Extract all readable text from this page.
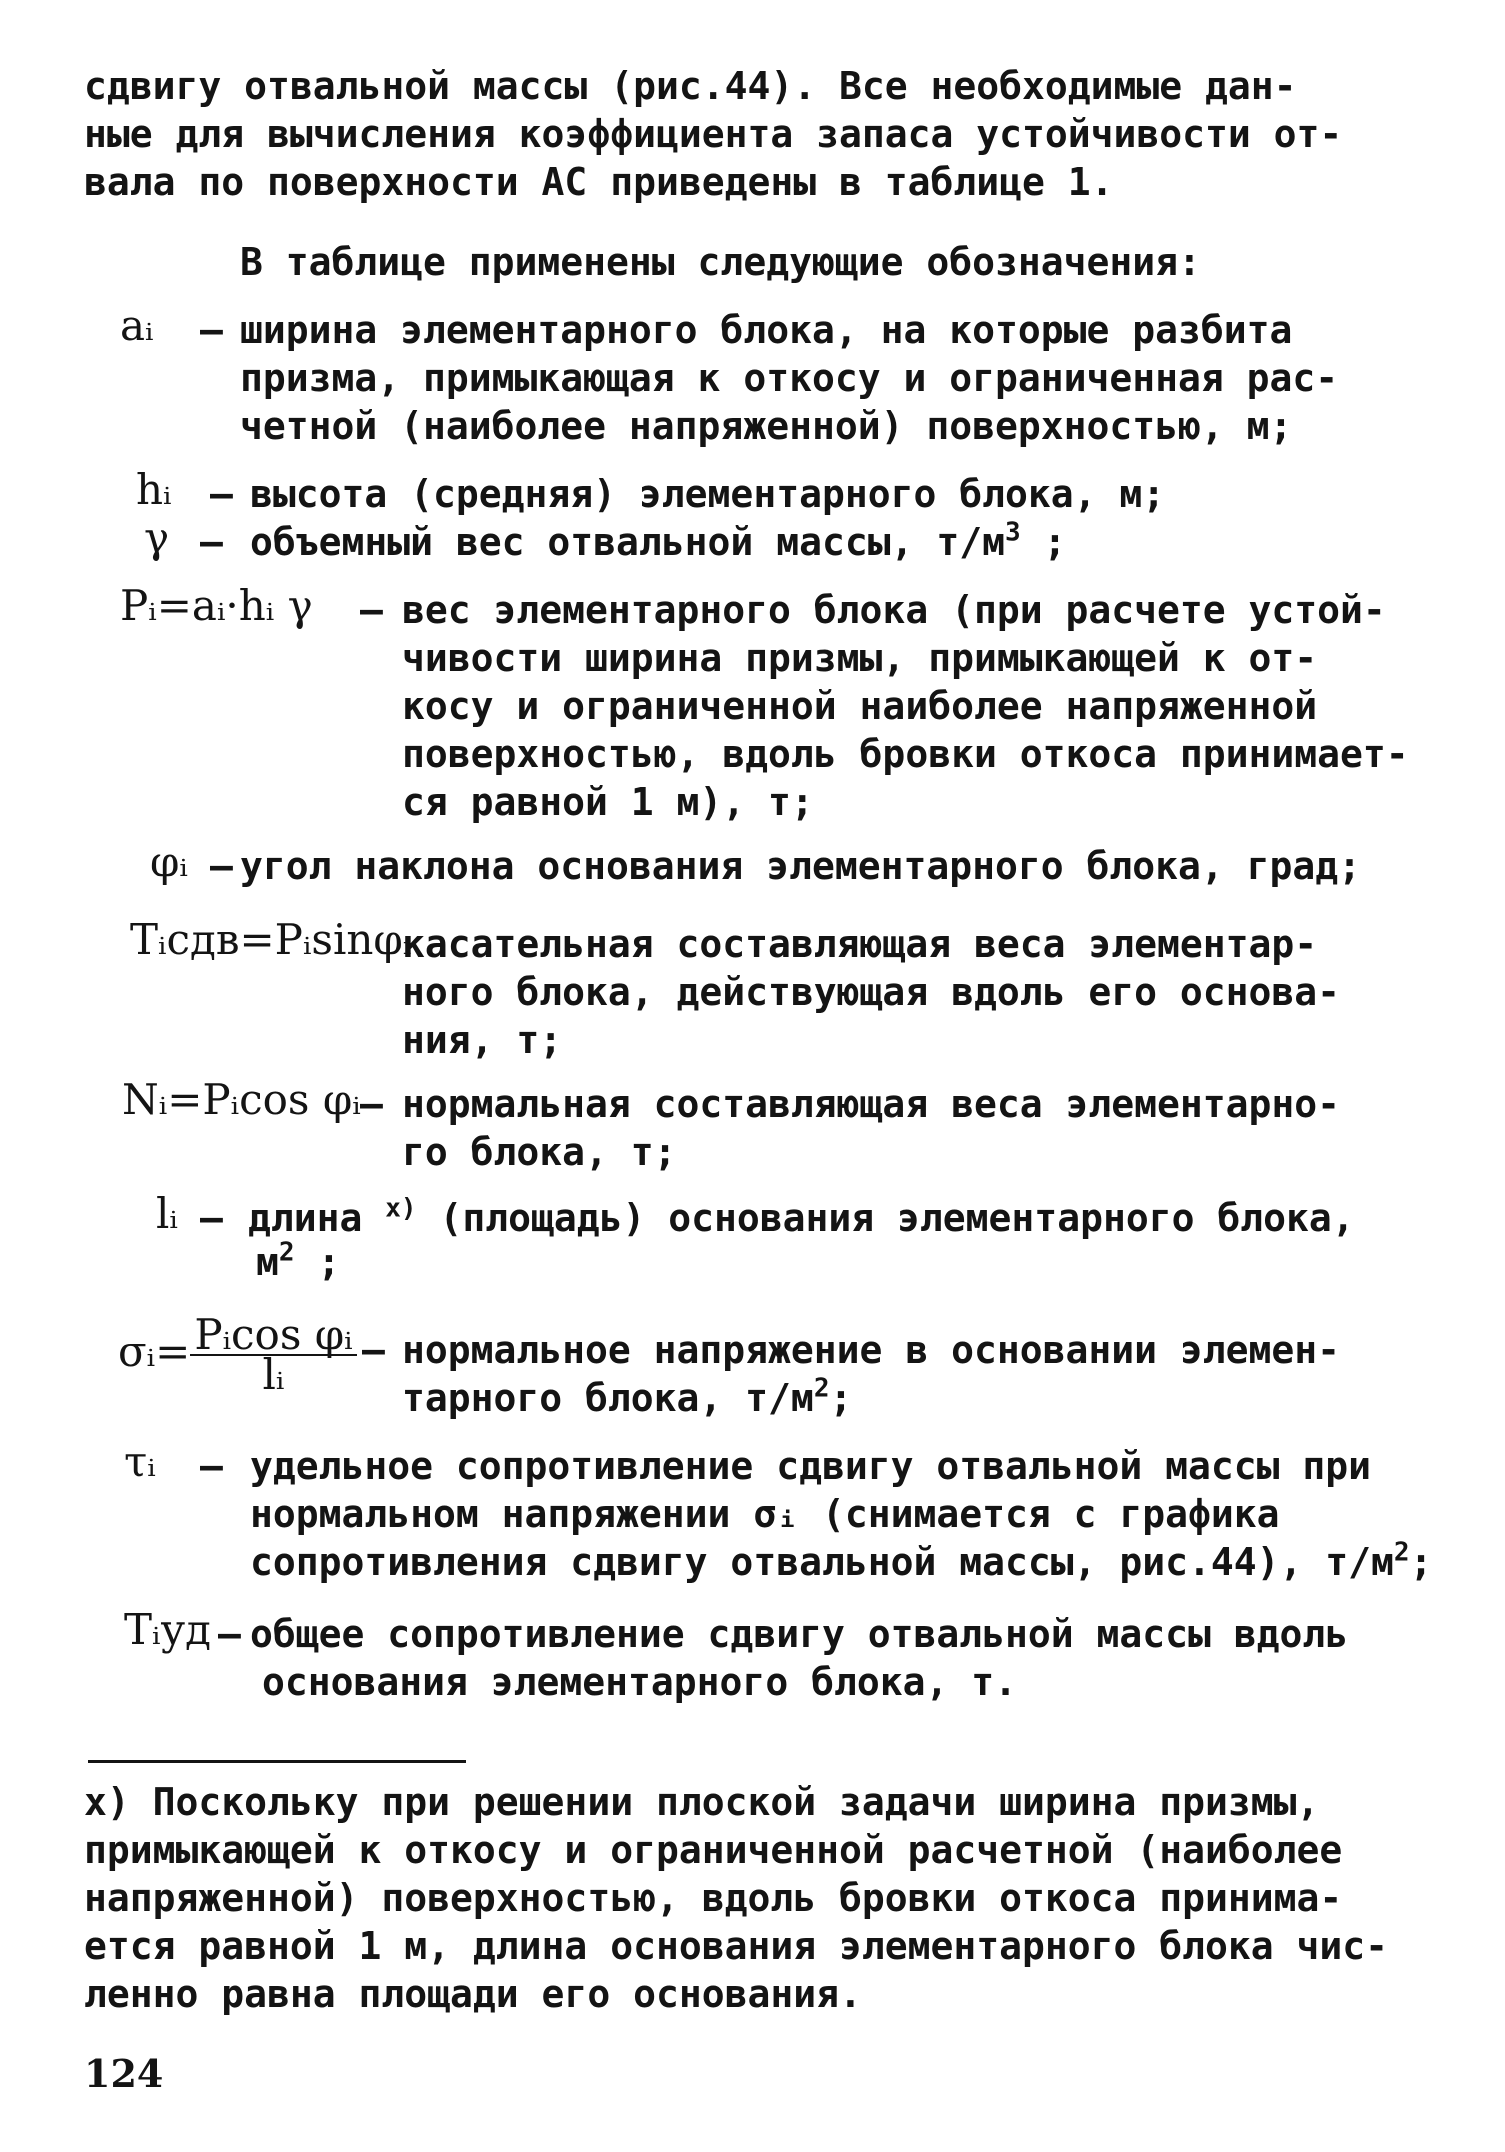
сдвигу отвальной массы (рис.44). Все необходимые дан-
ные для вычисления коэффициента запаса устойчивости от-
вала по поверхности АС приведены в таблице 1.
В таблице применены следующие обозначения:
aᵢ – ширина элементарного блока, на которые разбита
призма, примыкающая к откосу и ограниченная рас-
четной (наиболее напряженной) поверхностью, м;
hᵢ – высота (средняя) элементарного блока, м;
γ – объемный вес отвальной массы, $т/м^3$ ;
Pᵢ=aᵢ·hᵢ γ – вес элементарного блока (при расчете устой-
чивости ширина призмы, примыкающей к от-
косу и ограниченной наиболее напряженной
поверхностью, вдоль бровки откоса принимает-
ся равной 1 м), т;
φᵢ – угол наклона основания элементарного блока, град;
Tᵢсдв=Pᵢsinφᵢ
касательная составляющая веса элементар-
ного блока, действующая вдоль его основа-
ния, т;
Nᵢ=Pᵢcos φᵢ – нормальная составляющая веса элементарно-
го блока, т;
lᵢ – длина $^{x)}$ (площадь) основания элементарного блока,
$м^2$ ;
σᵢ= $\frac{\text{Pᵢcos φᵢ}}{\text{lᵢ}}$ – нормальное напряжение в основании элемен-
тарного блока, $т/м^2$;
τᵢ – удельное сопротивление сдвигу отвальной массы при
нормальном напряжении σᵢ (снимается с графика
сопротивления сдвигу отвальной массы, рис.44), $т/м^2$;
Tᵢуд – общее сопротивление сдвигу отвальной массы вдоль
основания элементарного блока, т.
x) Поскольку при решении плоской задачи ширина призмы,
примыкающей к откосу и ограниченной расчетной (наиболее
напряженной) поверхностью, вдоль бровки откоса принима-
ется равной 1 м, длина основания элементарного блока чис-
ленно равна площади его основания.
124
